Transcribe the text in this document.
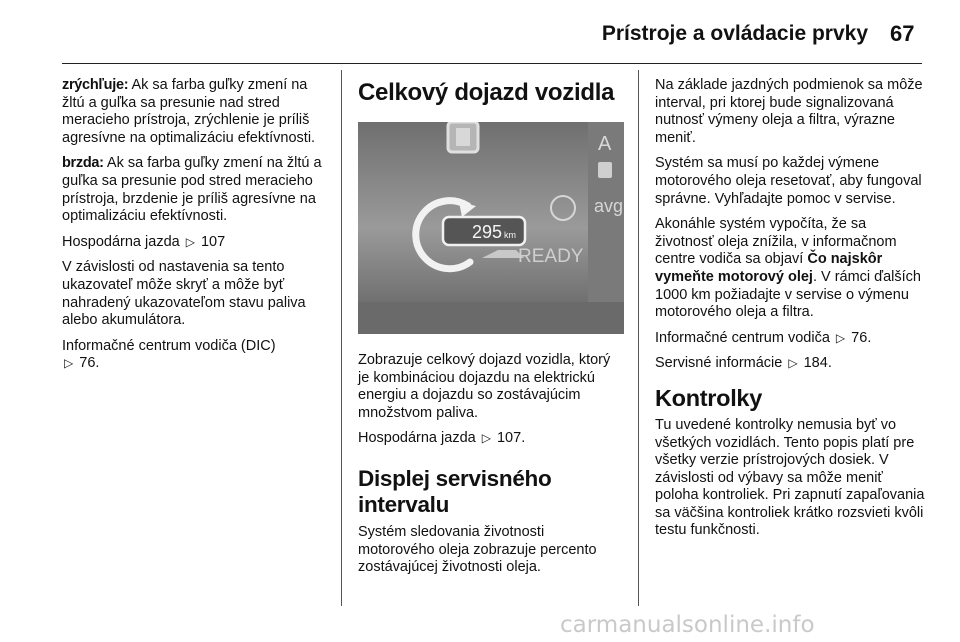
Prístroje a ovládacie prvky 67

zrýchľuje: Ak sa farba guľky zmení na žltú a guľka sa presunie nad stred meracieho prístroja, zrýchlenie je príliš agresívne na optimalizáciu efektívnosti.

brzda: Ak sa farba guľky zmení na žltú a guľka sa presunie pod stred meracieho prístroja, brzdenie je príliš agresívne na optimalizáciu efektívnosti.

Hospodárna jazda ▷ 107

V závislosti od nastavenia sa tento ukazovateľ môže skryť a môže byť nahradený ukazovateľom stavu paliva alebo akumulátora.

Informačné centrum vodiča (DIC)
▷ 76.

Celkový dojazd vozidla
A
avg
295 km
READY

Zobrazuje celkový dojazd vozidla, ktorý je kombináciou dojazdu na elektrickú energiu a dojazdu so zostávajúcim množstvom paliva.

Hospodárna jazda ▷ 107.

Displej servisného intervalu

Systém sledovania životnosti motorového oleja zobrazuje percento zostávajúcej životnosti oleja.

Na základe jazdných podmienok sa môže interval, pri ktorej bude signalizovaná nutnosť výmeny oleja a filtra, výrazne meniť.

Systém sa musí po každej výmene motorového oleja resetovať, aby fungoval správne. Vyhľadajte pomoc v servise.

Akonáhle systém vypočíta, že sa životnosť oleja znížila, v informačnom centre vodiča sa objaví Čo najskôr vymeňte motorový olej. V rámci ďalších 1000 km požiadajte v servise o výmenu motorového oleja a filtra.

Informačné centrum vodiča ▷ 76.

Servisné informácie ▷ 184.

Kontrolky

Tu uvedené kontrolky nemusia byť vo všetkých vozidlách. Tento popis platí pre všetky verzie prístrojových dosiek. V závislosti od výbavy sa môže meniť poloha kontroliek. Pri zapnutí zapaľovania sa väčšina kontroliek krátko rozsvieti kvôli testu funkčnosti.

carmanualsonline.info
